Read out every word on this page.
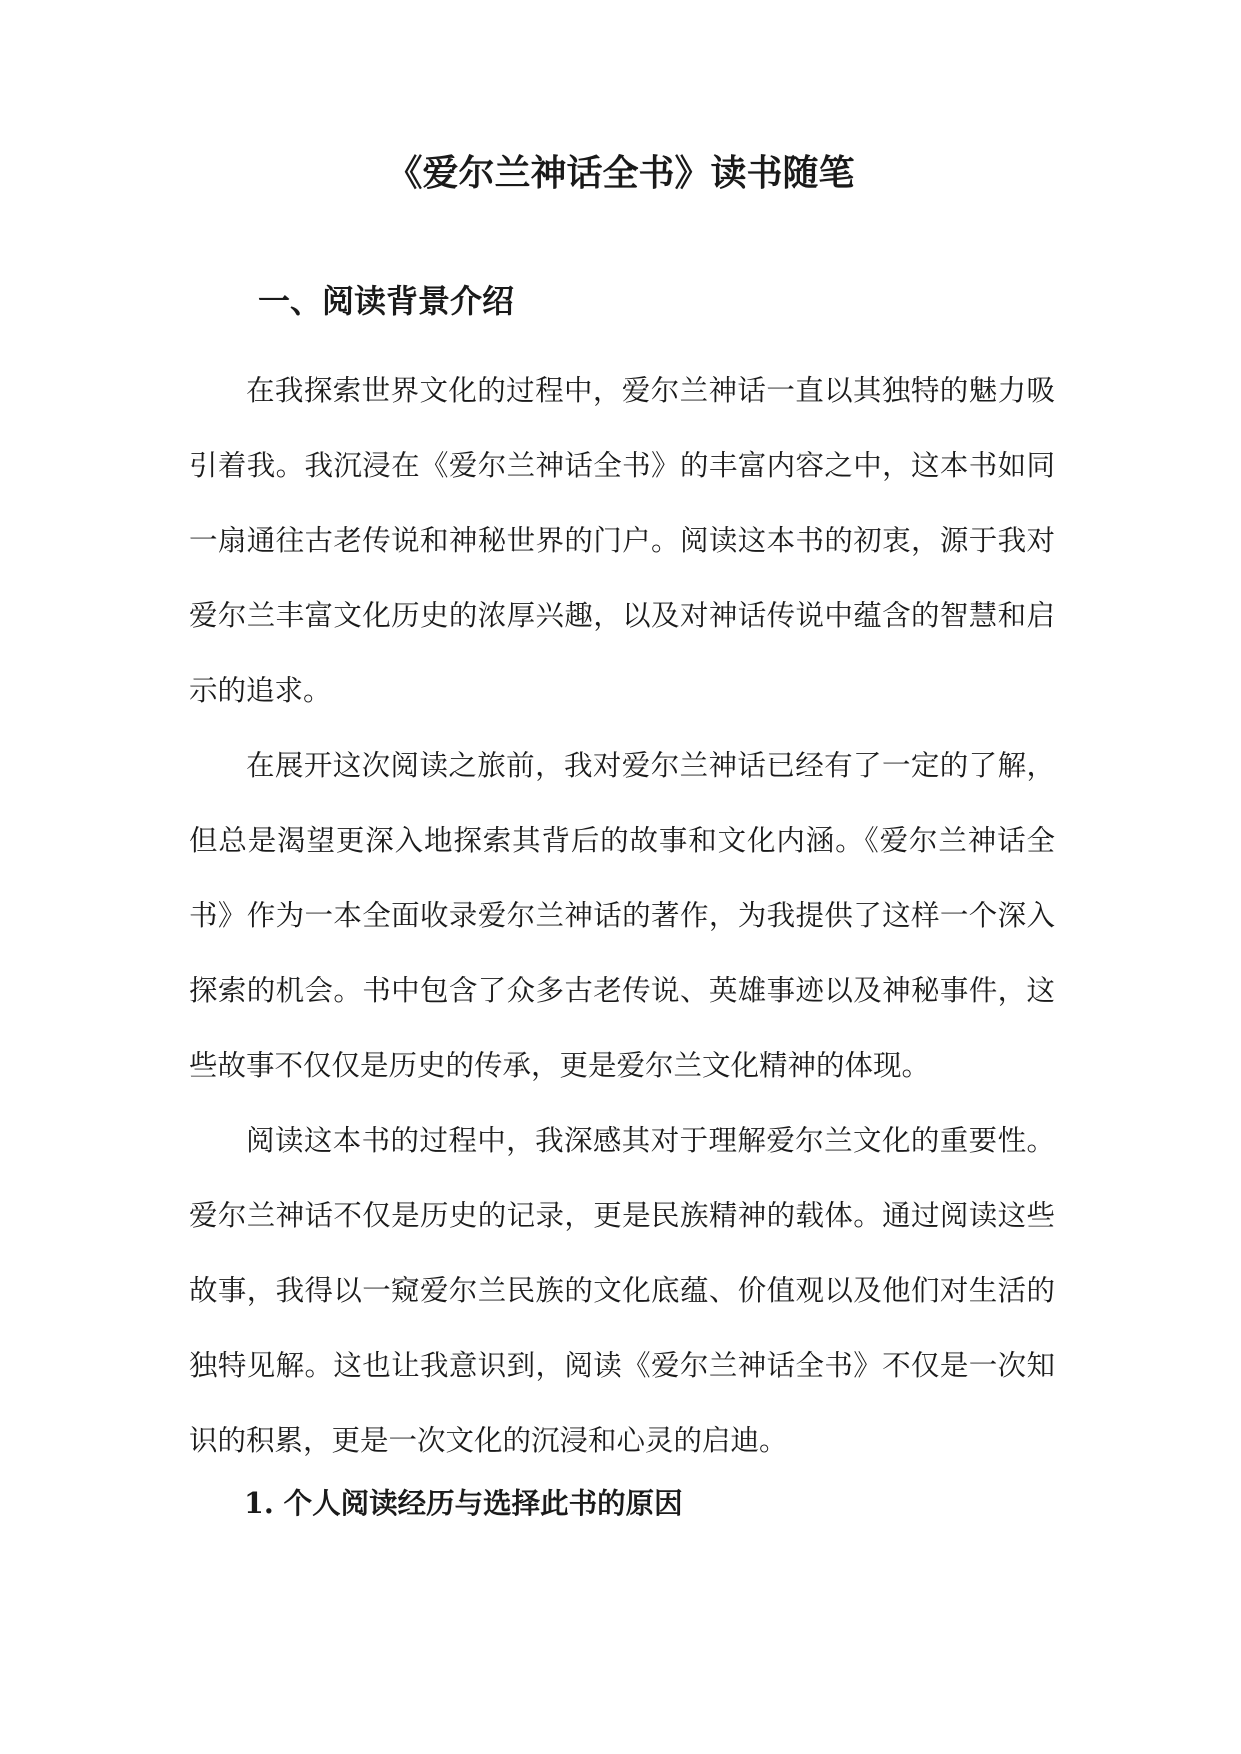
《爱尔兰神话全书》读书随笔
一、阅读背景介绍

在我探索世界文化的过程中，爱尔兰神话一直以其独特的魅力吸引着我。我沉浸在《爱尔兰神话全书》的丰富内容之中，这本书如同一扇通往古老传说和神秘世界的门户。阅读这本书的初衷，源于我对爱尔兰丰富文化历史的浓厚兴趣，以及对神话传说中蕴含的智慧和启示的追求。

在展开这次阅读之旅前，我对爱尔兰神话已经有了一定的了解，但总是渴望更深入地探索其背后的故事和文化内涵。《爱尔兰神话全书》作为一本全面收录爱尔兰神话的著作，为我提供了这样一个深入探索的机会。书中包含了众多古老传说、英雄事迹以及神秘事件，这些故事不仅仅是历史的传承，更是爱尔兰文化精神的体现。

阅读这本书的过程中，我深感其对于理解爱尔兰文化的重要性。爱尔兰神话不仅是历史的记录，更是民族精神的载体。通过阅读这些故事，我得以一窥爱尔兰民族的文化底蕴、价值观以及他们对生活的独特见解。这也让我意识到，阅读《爱尔兰神话全书》不仅是一次知识的积累，更是一次文化的沉浸和心灵的启迪。

1. 个人阅读经历与选择此书的原因
